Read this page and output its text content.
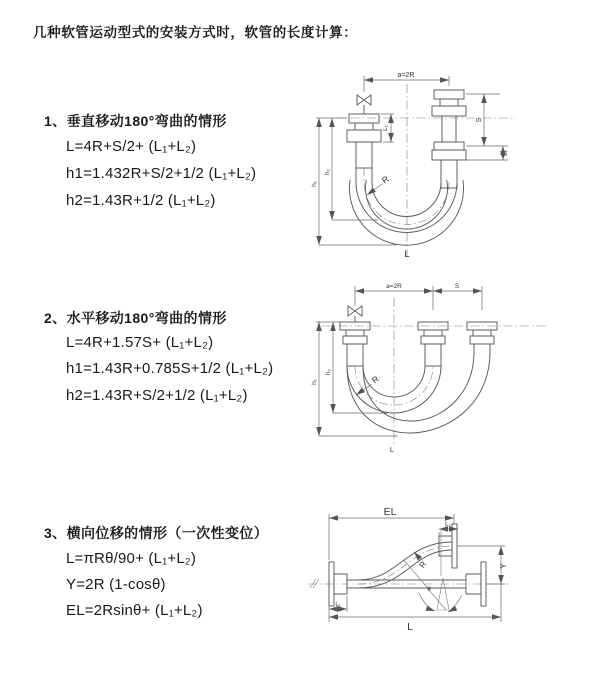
几种软管运动型式的安装方式时，软管的长度计算：
1、垂直移动180°弯曲的情形
L=4R+S/2+ (L₁+L₂)
h1=1.432R+S/2+1/2 (L₁+L₂)
h2=1.43R+1/2 (L₁+L₂)
2、水平移动180°弯曲的情形
L=4R+1.57S+ (L₁+L₂)
h1=1.43R+0.785S+1/2 (L₁+L₂)
h2=1.43R+S/2+1/2 (L₁+L₂)
3、横向位移的情形（一次性变位）
L=πRθ/90+ (L₁+L₂)
Y=2R (1-cosθ)
EL=2Rsinθ+ (L₁+L₂)
a=2R
L₁
h₂
h₁
S
L₂
R
L
a=2R	S
h₂
h₁	R
L
θ
EL
L₂
Y
L₁
L
R
